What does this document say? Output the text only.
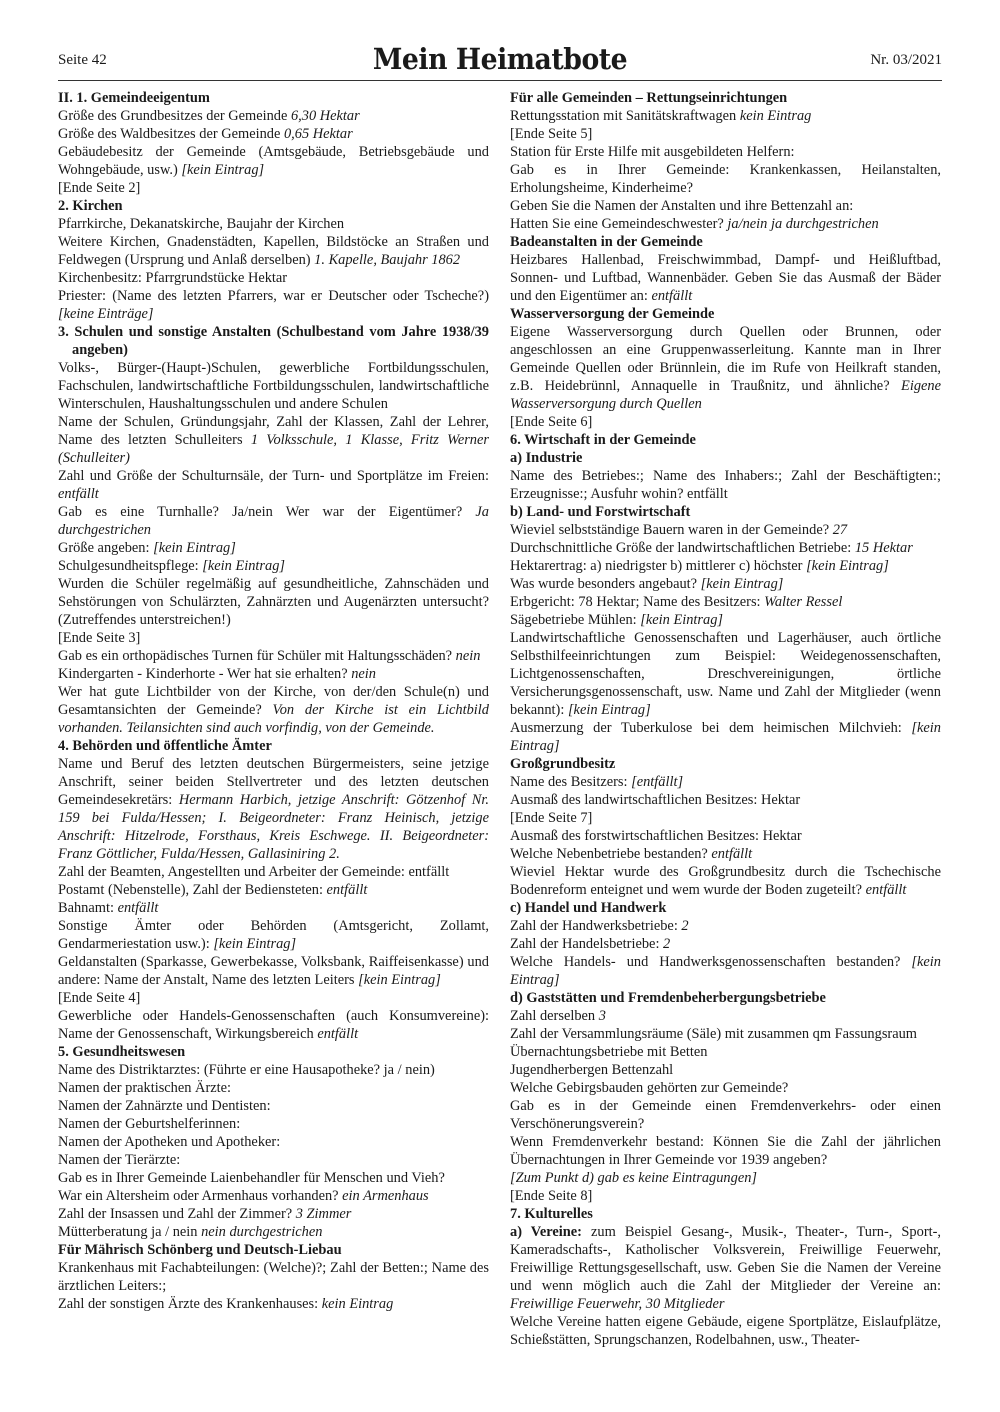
Seite 42	Mein Heimatbote	Nr. 03/2021

II. 1. Gemeindeeigentum

Größe des Grundbesitzes der Gemeinde 6,30 Hektar

Größe des Waldbesitzes der Gemeinde 0,65 Hektar

Gebäudebesitz der Gemeinde (Amtsgebäude, Betriebsgebäude und Wohngebäude, usw.) [kein Eintrag]

[Ende Seite 2]

2. Kirchen

Pfarrkirche, Dekanatskirche, Baujahr der Kirchen

Weitere Kirchen, Gnadenstädten, Kapellen, Bildstöcke an Straßen und Feldwegen (Ursprung und Anlaß derselben) 1. Kapelle, Baujahr 1862

Kirchenbesitz: Pfarrgrundstücke Hektar

Priester: (Name des letzten Pfarrers, war er Deutscher oder Tscheche?) [keine Einträge]

3. Schulen und sonstige Anstalten (Schulbestand vom Jahre 1938/39 angeben)

Volks-, Bürger-(Haupt-)Schulen, gewerbliche Fortbildungsschulen, Fachschulen, landwirtschaftliche Fortbildungsschulen, landwirtschaftliche Winterschulen, Haushaltungsschulen und andere Schulen

Name der Schulen, Gründungsjahr, Zahl der Klassen, Zahl der Lehrer, Name des letzten Schulleiters 1 Volksschule, 1 Klasse, Fritz Werner (Schulleiter)

Zahl und Größe der Schulturnsäle, der Turn- und Sportplätze im Freien: entfällt

Gab es eine Turnhalle? Ja/nein Wer war der Eigentümer? Ja durchgestrichen

Größe angeben: [kein Eintrag]

Schulgesundheitspflege: [kein Eintrag]

Wurden die Schüler regelmäßig auf gesundheitliche, Zahnschäden und Sehstörungen von Schulärzten, Zahnärzten und Augenärzten untersucht? (Zutreffendes unterstreichen!)

[Ende Seite 3]

Gab es ein orthopädisches Turnen für Schüler mit Haltungsschäden? nein

Kindergarten - Kinderhorte - Wer hat sie erhalten? nein

Wer hat gute Lichtbilder von der Kirche, von der/den Schule(n) und Gesamtansichten der Gemeinde? Von der Kirche ist ein Lichtbild vorhanden. Teilansichten sind auch vorfindig, von der Gemeinde.

4. Behörden und öffentliche Ämter

Name und Beruf des letzten deutschen Bürgermeisters, seine jetzige Anschrift, seiner beiden Stellvertreter und des letzten deutschen Gemeindesekretärs: Hermann Harbich, jetzige Anschrift: Götzenhof Nr. 159 bei Fulda/Hessen; I. Beigeordneter: Franz Heinisch, jetzige Anschrift: Hitzelrode, Forsthaus, Kreis Eschwege. II. Beigeordneter: Franz Göttlicher, Fulda/Hessen, Gallasiniring 2.

Zahl der Beamten, Angestellten und Arbeiter der Gemeinde: entfällt

Postamt (Nebenstelle), Zahl der Bediensteten: entfällt

Bahnamt: entfällt

Sonstige Ämter oder Behörden (Amtsgericht, Zollamt, Gendarmeriestation usw.): [kein Eintrag]

Geldanstalten (Sparkasse, Gewerbekasse, Volksbank, Raiffeisenkasse) und andere: Name der Anstalt, Name des letzten Leiters [kein Eintrag]

[Ende Seite 4]

Gewerbliche oder Handels-Genossenschaften (auch Konsumvereine): Name der Genossenschaft, Wirkungsbereich entfällt

5. Gesundheitswesen

Name des Distriktarztes: (Führte er eine Hausapotheke? ja / nein)

Namen der praktischen Ärzte:

Namen der Zahnärzte und Dentisten:

Namen der Geburtshelferinnen:

Namen der Apotheken und Apotheker:

Namen der Tierärzte:

Gab es in Ihrer Gemeinde Laienbehandler für Menschen und Vieh?

War ein Altersheim oder Armenhaus vorhanden? ein Armenhaus

Zahl der Insassen und Zahl der Zimmer? 3 Zimmer

Mütterberatung ja / nein nein durchgestrichen

Für Mährisch Schönberg und Deutsch-Liebau

Krankenhaus mit Fachabteilungen: (Welche)?; Zahl der Betten:; Name des ärztlichen Leiters:;

Zahl der sonstigen Ärzte des Krankenhauses: kein Eintrag

Für alle Gemeinden – Rettungseinrichtungen

Rettungsstation mit Sanitätskraftwagen kein Eintrag

[Ende Seite 5]

Station für Erste Hilfe mit ausgebildeten Helfern:

Gab es in Ihrer Gemeinde: Krankenkassen, Heilanstalten, Erholungsheime, Kinderheime?

Geben Sie die Namen der Anstalten und ihre Bettenzahl an:

Hatten Sie eine Gemeindeschwester? ja/nein ja durchgestrichen

Badeanstalten in der Gemeinde

Heizbares Hallenbad, Freischwimmbad, Dampf- und Heißluftbad, Sonnen- und Luftbad, Wannenbäder. Geben Sie das Ausmaß der Bäder und den Eigentümer an: entfällt

Wasserversorgung der Gemeinde

Eigene Wasserversorgung durch Quellen oder Brunnen, oder angeschlossen an eine Gruppenwasserleitung. Kannte man in Ihrer Gemeinde Quellen oder Brünnlein, die im Rufe von Heilkraft standen, z.B. Heidebrünnl, Annaquelle in Traußnitz, und ähnliche? Eigene Wasserversorgung durch Quellen

[Ende Seite 6]

6. Wirtschaft in der Gemeinde

a) Industrie

Name des Betriebes:; Name des Inhabers:; Zahl der Beschäftigten:; Erzeugnisse:; Ausfuhr wohin? entfällt

b) Land- und Forstwirtschaft

Wieviel selbstständige Bauern waren in der Gemeinde? 27

Durchschnittliche Größe der landwirtschaftlichen Betriebe: 15 Hektar

Hektarertrag: a) niedrigster b) mittlerer c) höchster [kein Eintrag]

Was wurde besonders angebaut? [kein Eintrag]

Erbgericht: 78 Hektar; Name des Besitzers: Walter Ressel

Sägebetriebe Mühlen: [kein Eintrag]

Landwirtschaftliche Genossenschaften und Lagerhäuser, auch örtliche Selbsthilfeeinrichtungen zum Beispiel: Weidegenossenschaften, Lichtgenossenschaften, Dreschvereinigungen, örtliche Versicherungsgenossenschaft, usw. Name und Zahl der Mitglieder (wenn bekannt): [kein Eintrag]

Ausmerzung der Tuberkulose bei dem heimischen Milchvieh: [kein Eintrag]

Großgrundbesitz

Name des Besitzers: [entfällt]

Ausmaß des landwirtschaftlichen Besitzes: Hektar

[Ende Seite 7]

Ausmaß des forstwirtschaftlichen Besitzes: Hektar

Welche Nebenbetriebe bestanden? entfällt

Wieviel Hektar wurde des Großgrundbesitz durch die Tschechische Bodenreform enteignet und wem wurde der Boden zugeteilt? entfällt

c) Handel und Handwerk

Zahl der Handwerksbetriebe: 2

Zahl der Handelsbetriebe: 2

Welche Handels- und Handwerksgenossenschaften bestanden? [kein Eintrag]

d) Gaststätten und Fremdenbeherbergungsbetriebe

Zahl derselben 3

Zahl der Versammlungsräume (Säle) mit zusammen qm Fassungsraum

Übernachtungsbetriebe mit Betten

Jugendherbergen Bettenzahl

Welche Gebirgsbauden gehörten zur Gemeinde?

Gab es in der Gemeinde einen Fremdenverkehrs- oder einen Verschönerungsverein?

Wenn Fremdenverkehr bestand: Können Sie die Zahl der jährlichen Übernachtungen in Ihrer Gemeinde vor 1939 angeben?

[Zum Punkt d) gab es keine Eintragungen]

[Ende Seite 8]

7. Kulturelles

a) Vereine: zum Beispiel Gesang-, Musik-, Theater-, Turn-, Sport-, Kameradschafts-, Katholischer Volksverein, Freiwillige Feuerwehr, Freiwillige Rettungsgesellschaft, usw. Geben Sie die Namen der Vereine und wenn möglich auch die Zahl der Mitglieder der Vereine an: Freiwillige Feuerwehr, 30 Mitglieder

Welche Vereine hatten eigene Gebäude, eigene Sportplätze, Eislaufplätze, Schießstätten, Sprungschanzen, Rodelbahnen, usw., Theater-
